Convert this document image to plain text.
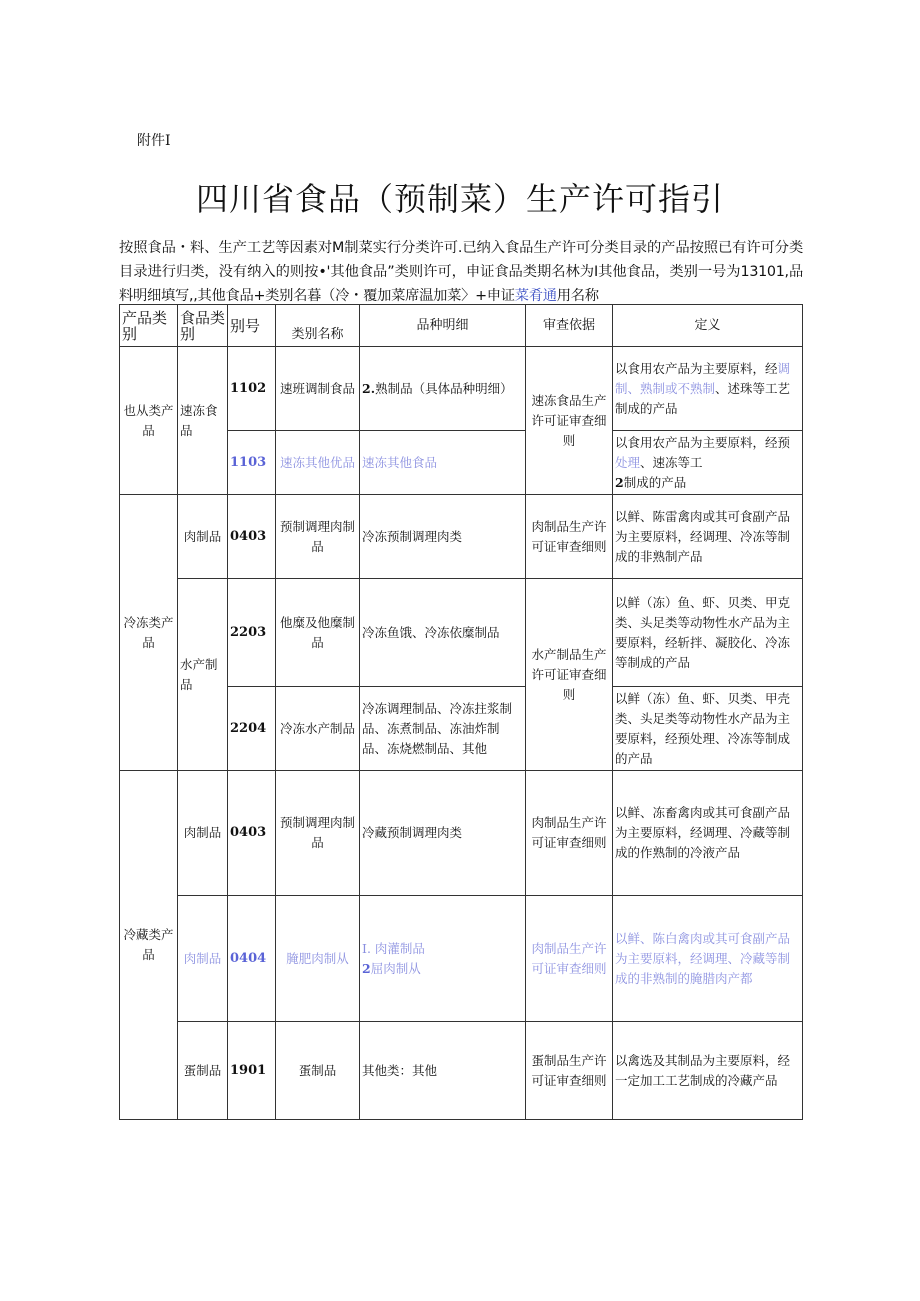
附件I
四川省食品（预制菜）生产许可指引
按照食品・料、生产工艺等因素对M制菜实行分类许可.已纳入食品生产许可分类目录的产品按照已有许可分类目录进行归类，没有纳入的则按•'其他食品”类则许可，申证食品类期名林为I其他食品，类别一号为13101,品料明细填写,,其他食品+类别名暮（冷・覆加菜席温加菜〉+申证菜肴通用名称
产品类别	食品类别	别号	类别名称	品种明细	审查依据	定义
也从类产品	速冻食品	1102	速班调制食品	2.熟制品（具体品种明细）	速冻食品生产许可证审查细则	以食用农产品为主要原料，经调制、熟制或不熟制、述珠等工艺制成的产品
		1103	速冻其他优品	速冻其他食品		以食用农产品为主要原料，经预处理、速冻等工
2制成的产品
冷冻类产品	肉制品	0403	预制调理肉制品	冷冻预制调理肉类	肉制品生产许可证审查细则	以鲜、陈雷禽肉或其可食副产品为主要原料，经调理、冷冻等制成的非熟制产品
	水产制品	2203	他糜及他糜制品	冷冻鱼饿、冷冻依糜制品	水产制品生产许可证审查细则	以鲜（冻）鱼、虾、贝类、甲克类、头足类等动物性水产品为主要原料，经斩拌、凝胶化、冷冻等制成的产品
		2204	冷冻水产制品	冷冻调理制品、冷冻拄浆制品、冻煮制品、冻油炸制品、冻烧燃制品、其他		以鲜（冻）鱼、虾、贝类、甲壳类、头足类等动物性水产品为主要原料，经预处理、冷冻等制成的产品
冷藏类产品	肉制品	0403	预制调理肉制品	冷藏预制调理肉类	肉制品生产许可证审查细则	以鲜、冻畜禽肉或其可食副产品为主要原料，经调理、冷藏等制成的作熟制的冷液产品
	肉制品	0404	腌肥肉制从	I. 肉灌制品
2屈肉制从	肉制品生产许可证审查细则	以鲜、陈白禽肉或其可食副产品为主要原料，经调理、冷藏等制成的非熟制的腌腊肉产都
	蛋制品	1901	蛋制品	其他类：其他	蛋制品生产许可证审查细则	以禽选及其制品为主要原料，经一定加工工艺制成的冷藏产品
